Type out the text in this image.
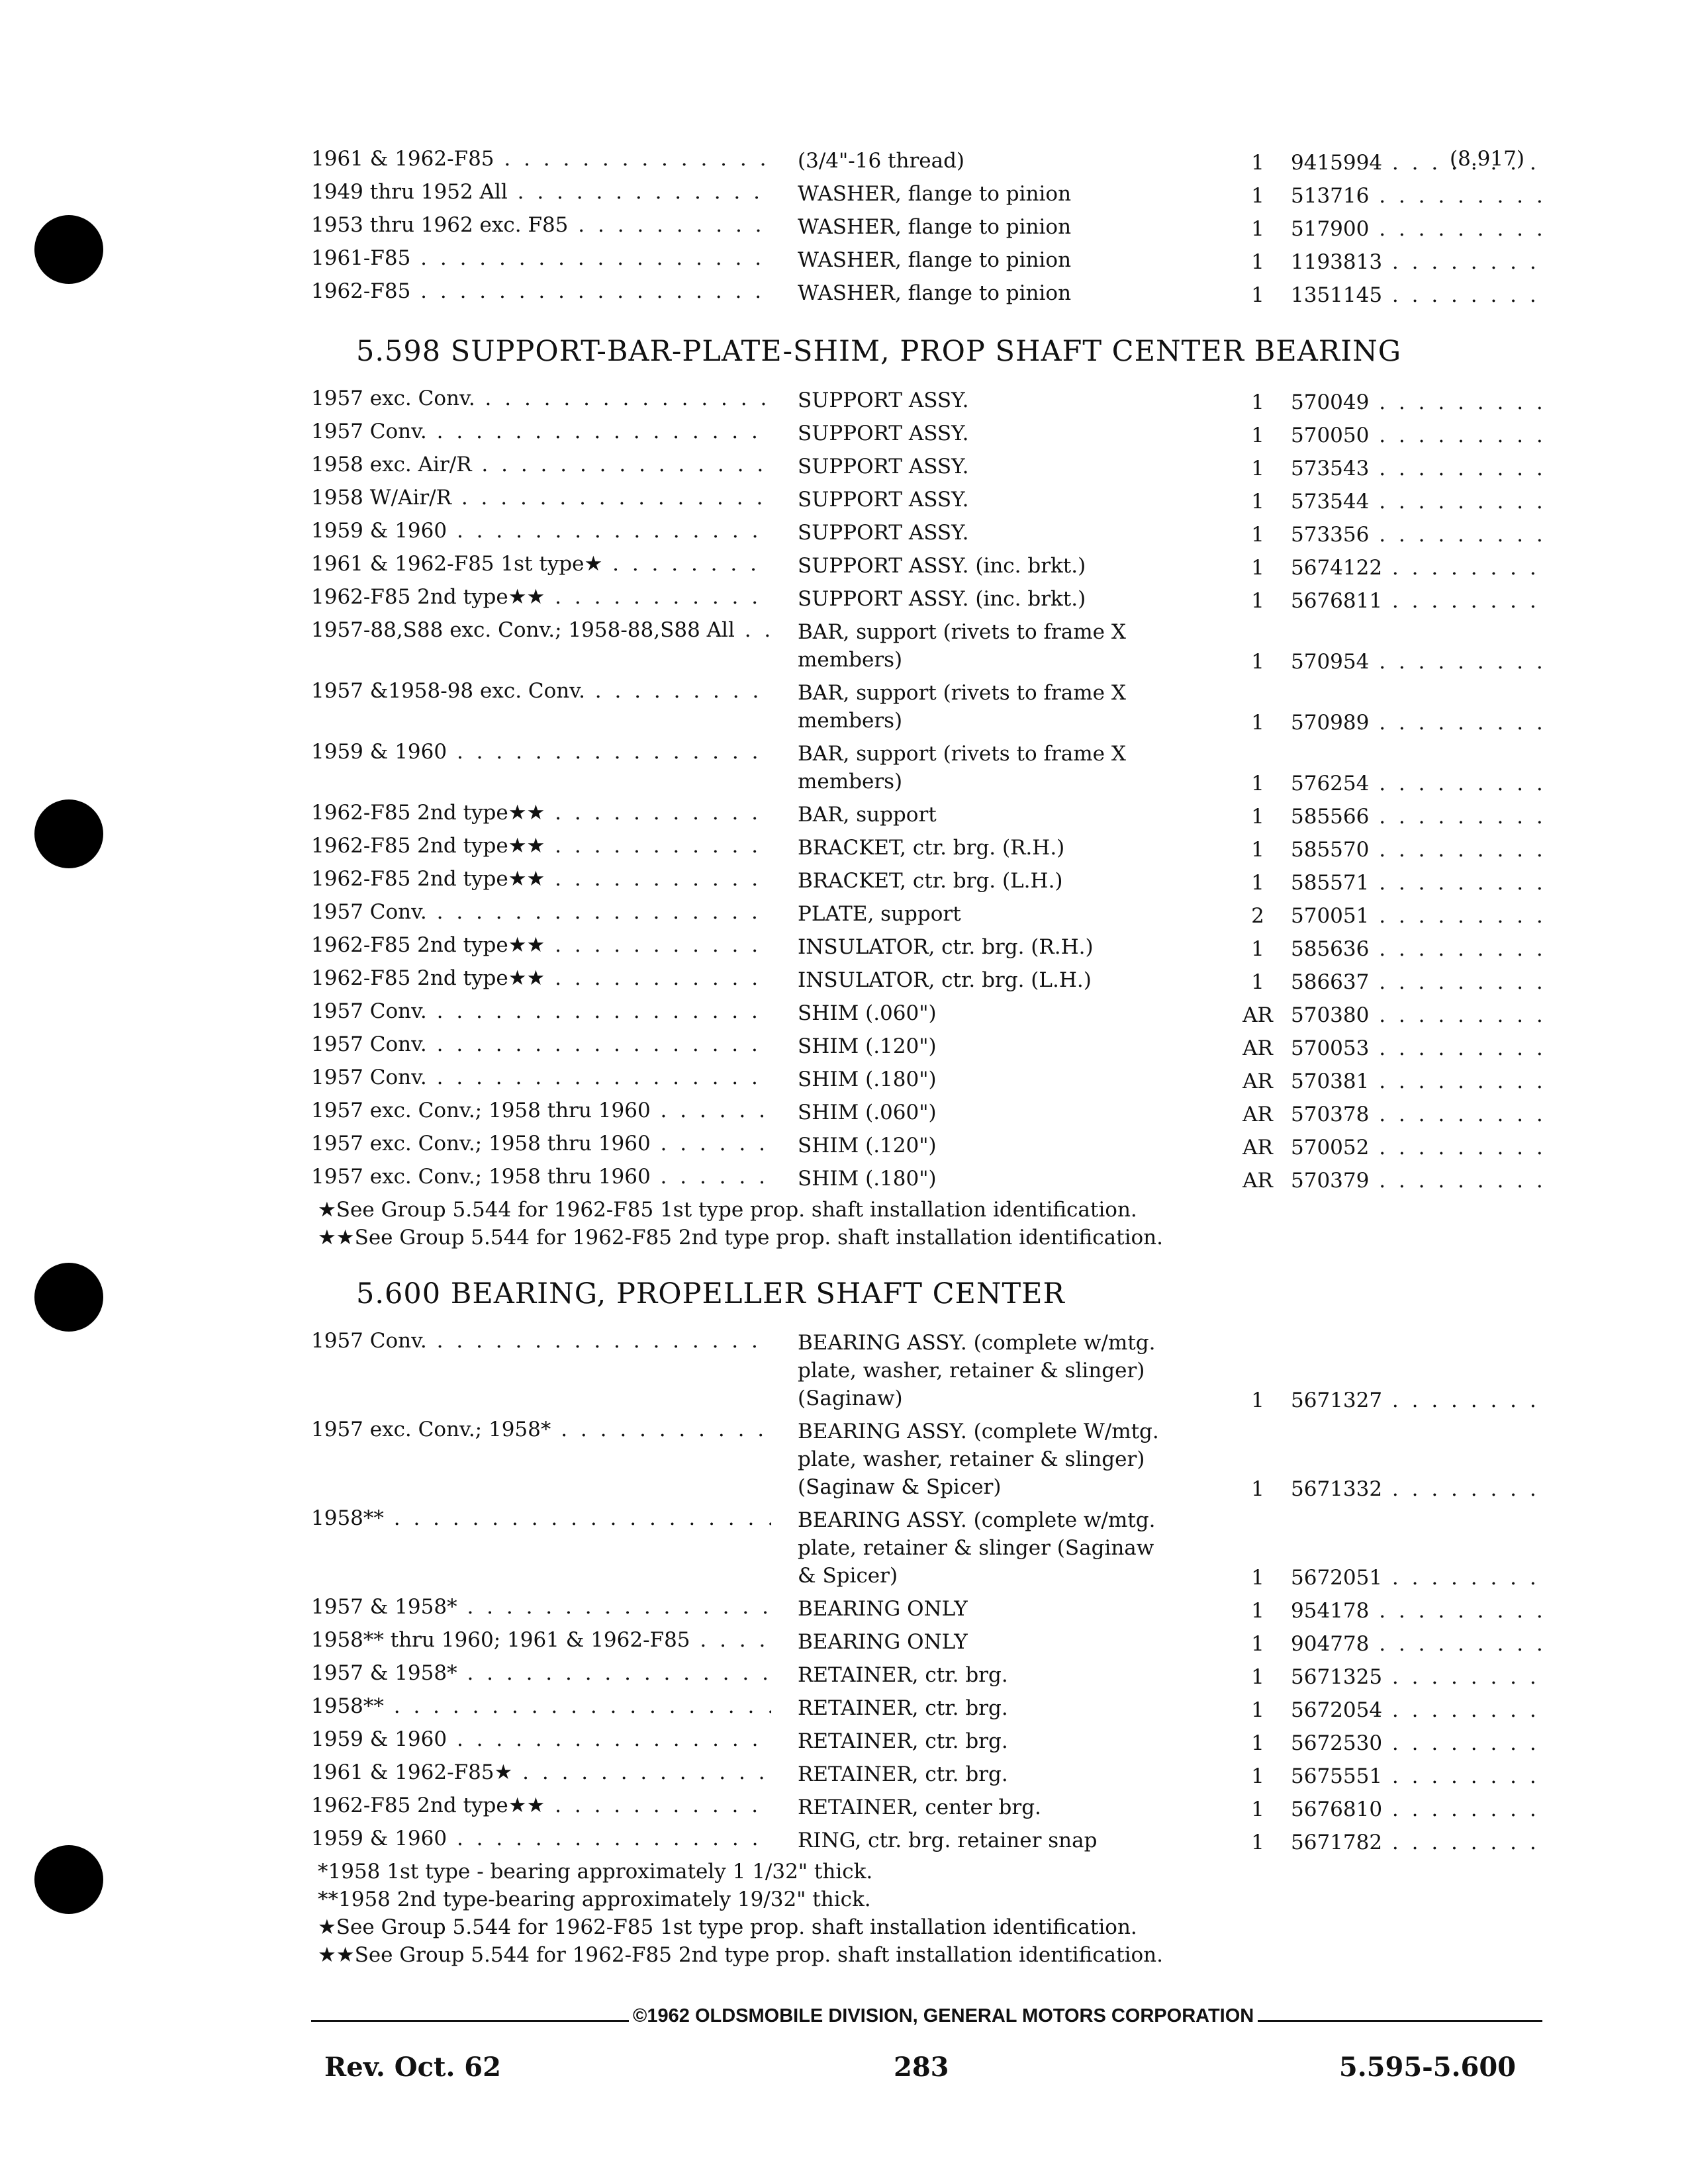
1961 & 1962-F85 . . .	(3/4"-16 thread)	1	9415994 . . .	(8.917)
1949 thru 1952 All . . .	WASHER, flange to pinion	1	513716 . . .
1953 thru 1962 exc. F85 . . .	WASHER, flange to pinion	1	517900 . . .
1961-F85 . . .	WASHER, flange to pinion	1	1193813 . . .
1962-F85 . . .	WASHER, flange to pinion	1	1351145 . . .
5.598 SUPPORT-BAR-PLATE-SHIM, PROP SHAFT CENTER BEARING
1957 exc. Conv. . . .	SUPPORT ASSY.	1	570049 . . .
1957 Conv. . . .	SUPPORT ASSY.	1	570050 . . .
1958 exc. Air/R . . .	SUPPORT ASSY.	1	573543 . . .
1958 W/Air/R . . .	SUPPORT ASSY.	1	573544 . . .
1959 & 1960 . . .	SUPPORT ASSY.	1	573356 . . .
1961 & 1962-F85 1st type★ . . .	SUPPORT ASSY. (inc. brkt.)	1	5674122 . . .
1962-F85 2nd type★★ . . .	SUPPORT ASSY. (inc. brkt.)	1	5676811 . . .
1957-88,S88 exc. Conv.; 1958-88,S88 All . . .	BAR, support (rivets to frame X
members)	1	570954 . . .
1957 &1958-98 exc. Conv. . . .	BAR, support (rivets to frame X
members)	1	570989 . . .
1959 & 1960 . . .	BAR, support (rivets to frame X
members)	1	576254 . . .
1962-F85 2nd type★★ . . .	BAR, support	1	585566 . . .
1962-F85 2nd type★★ . . .	BRACKET, ctr. brg. (R.H.)	1	585570 . . .
1962-F85 2nd type★★ . . .	BRACKET, ctr. brg. (L.H.)	1	585571 . . .
1957 Conv. . . .	PLATE, support	2	570051 . . .
1962-F85 2nd type★★ . . .	INSULATOR, ctr. brg. (R.H.)	1	585636 . . .
1962-F85 2nd type★★ . . .	INSULATOR, ctr. brg. (L.H.)	1	586637 . . .
1957 Conv. . . .	SHIM (.060")	AR 570380 . . .
1957 Conv. . . .	SHIM (.120")	AR 570053 . . .
1957 Conv. . . .	SHIM (.180")	AR 570381 . . .
1957 exc. Conv.; 1958 thru 1960 . . .	SHIM (.060")	AR 570378 . . .
1957 exc. Conv.; 1958 thru 1960 . . .	SHIM (.120")	AR 570052 . . .
1957 exc. Conv.; 1958 thru 1960 . . .	SHIM (.180")	AR 570379 . . .
★See Group 5.544 for 1962-F85 1st type prop. shaft installation identification.
★★See Group 5.544 for 1962-F85 2nd type prop. shaft installation identification.
5.600 BEARING, PROPELLER SHAFT CENTER
1957 Conv. . . .	BEARING ASSY. (complete w/mtg.
plate, washer, retainer & slinger)
(Saginaw)	1	5671327 . . .
1957 exc. Conv.; 1958* . . .	BEARING ASSY. (complete W/mtg.
plate, washer, retainer & slinger)
(Saginaw & Spicer)	1	5671332 . . .
1958** . . .	BEARING ASSY. (complete w/mtg.
plate, retainer & slinger (Saginaw
& Spicer)	1	5672051 . . .
1957 & 1958* . . .	BEARING ONLY	1	954178 . . .
1958** thru 1960; 1961 & 1962-F85 . . .	BEARING ONLY	1	904778 . . .
1957 & 1958* . . .	RETAINER, ctr. brg.	1	5671325 . . .
1958** . . .	RETAINER, ctr. brg.	1	5672054 . . .
1959 & 1960 . . .	RETAINER, ctr. brg.	1	5672530 . . .
1961 & 1962-F85★ . . .	RETAINER, ctr. brg.	1	5675551 . . .
1962-F85 2nd type★★ . . .	RETAINER, center brg.	1	5676810 . . .
1959 & 1960 . . .	RING, ctr. brg. retainer snap	1	5671782 . . .
*1958 1st type - bearing approximately 1 1/32" thick.
**1958 2nd type-bearing approximately 19/32" thick.
★See Group 5.544 for 1962-F85 1st type prop. shaft installation identification.
★★See Group 5.544 for 1962-F85 2nd type prop. shaft installation identification.
©1962 OLDSMOBILE DIVISION, GENERAL MOTORS CORPORATION
Rev. Oct. 62	283	5.595-5.600
